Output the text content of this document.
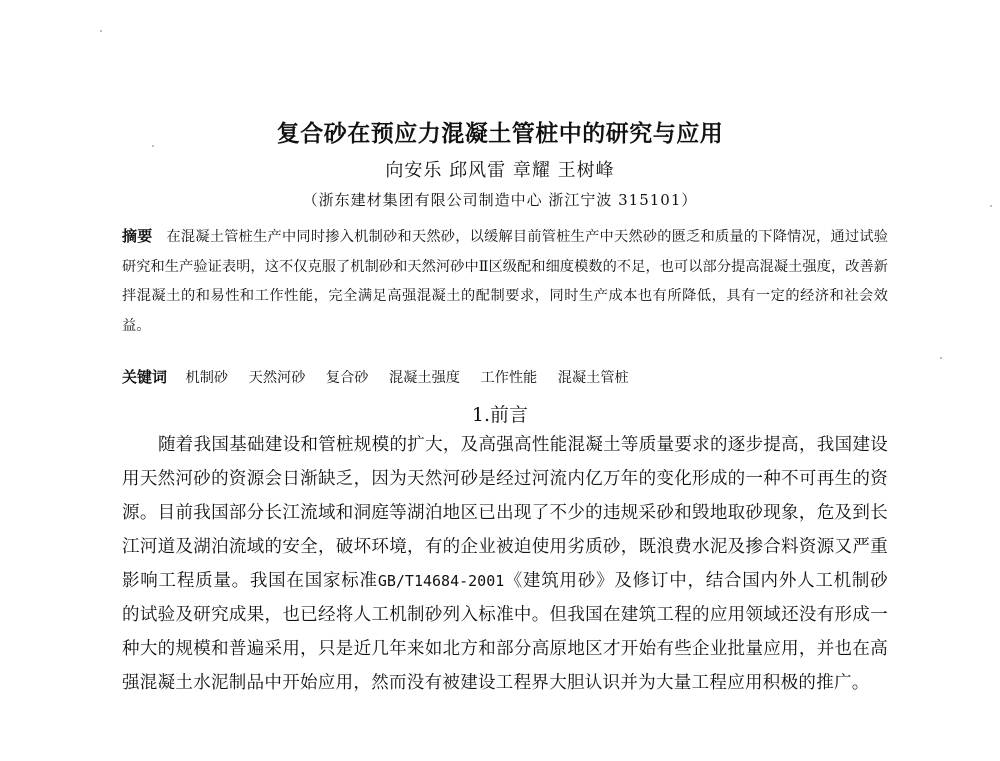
复合砂在预应力混凝土管桩中的研究与应用
向安乐 邱风雷 章耀 王树峰
（浙东建材集团有限公司制造中心 浙江宁波 315101）
摘要 在混凝土管桩生产中同时掺入机制砂和天然砂，以缓解目前管桩生产中天然砂的匮乏和质量的下降情况，通过试验研究和生产验证表明，这不仅克服了机制砂和天然河砂中Ⅱ区级配和细度模数的不足，也可以部分提高混凝土强度，改善新拌混凝土的和易性和工作性能，完全满足高强混凝土的配制要求，同时生产成本也有所降低，具有一定的经济和社会效益。
关键词 机制砂 天然河砂 复合砂 混凝土强度 工作性能 混凝土管桩
1.前言
随着我国基础建设和管桩规模的扩大，及高强高性能混凝土等质量要求的逐步提高，我国建设用天然河砂的资源会日渐缺乏，因为天然河砂是经过河流内亿万年的变化形成的一种不可再生的资源。目前我国部分长江流域和洞庭等湖泊地区已出现了不少的违规采砂和毁地取砂现象，危及到长江河道及湖泊流域的安全，破坏环境，有的企业被迫使用劣质砂，既浪费水泥及掺合料资源又严重影响工程质量。我国在国家标准GB/T14684-2001《建筑用砂》及修订中，结合国内外人工机制砂的试验及研究成果，也已经将人工机制砂列入标准中。但我国在建筑工程的应用领域还没有形成一种大的规模和普遍采用，只是近几年来如北方和部分高原地区才开始有些企业批量应用，并也在高强混凝土水泥制品中开始应用，然而没有被建设工程界大胆认识并为大量工程应用积极的推广。
